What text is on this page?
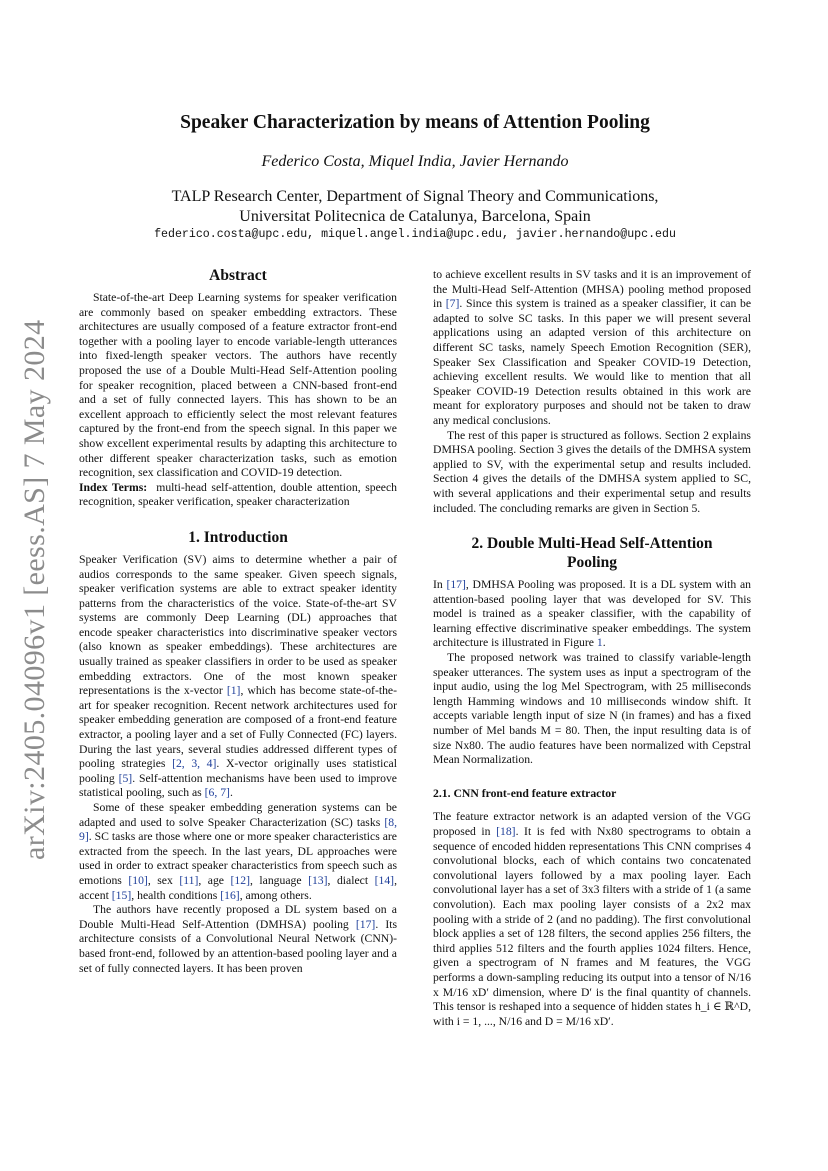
arXiv:2405.04096v1 [eess.AS] 7 May 2024
Speaker Characterization by means of Attention Pooling
Federico Costa, Miquel India, Javier Hernando
TALP Research Center, Department of Signal Theory and Communications,
Universitat Politecnica de Catalunya, Barcelona, Spain
federico.costa@upc.edu, miquel.angel.india@upc.edu, javier.hernando@upc.edu
Abstract

State-of-the-art Deep Learning systems for speaker verification are commonly based on speaker embedding extractors. These architectures are usually composed of a feature extractor front-end together with a pooling layer to encode variable-length utterances into fixed-length speaker vectors. The authors have recently proposed the use of a Double Multi-Head Self-Attention pooling for speaker recognition, placed between a CNN-based front-end and a set of fully connected layers. This has shown to be an excellent approach to efficiently select the most relevant features captured by the front-end from the speech signal. In this paper we show excellent experimental results by adapting this architecture to other different speaker characterization tasks, such as emotion recognition, sex classification and COVID-19 detection.

Index Terms: multi-head self-attention, double attention, speech recognition, speaker verification, speaker characterization

1. Introduction

Speaker Verification (SV) aims to determine whether a pair of audios corresponds to the same speaker. Given speech signals, speaker verification systems are able to extract speaker identity patterns from the characteristics of the voice. State-of-the-art SV systems are commonly Deep Learning (DL) approaches that encode speaker characteristics into discriminative speaker vectors (also known as speaker embeddings). These architectures are usually trained as speaker classifiers in order to be used as speaker embedding extractors. One of the most known speaker representations is the x-vector [1], which has become state-of-the-art for speaker recognition. Recent network architectures used for speaker embedding generation are composed of a front-end feature extractor, a pooling layer and a set of Fully Connected (FC) layers. During the last years, several studies addressed different types of pooling strategies [2, 3, 4]. X-vector originally uses statistical pooling [5]. Self-attention mechanisms have been used to improve statistical pooling, such as [6, 7].

Some of these speaker embedding generation systems can be adapted and used to solve Speaker Characterization (SC) tasks [8, 9]. SC tasks are those where one or more speaker characteristics are extracted from the speech. In the last years, DL approaches were used in order to extract speaker characteristics from speech such as emotions [10], sex [11], age [12], language [13], dialect [14], accent [15], health conditions [16], among others.

The authors have recently proposed a DL system based on a Double Multi-Head Self-Attention (DMHSA) pooling [17]. Its architecture consists of a Convolutional Neural Network (CNN)-based front-end, followed by an attention-based pooling layer and a set of fully connected layers. It has been proven

to achieve excellent results in SV tasks and it is an improvement of the Multi-Head Self-Attention (MHSA) pooling method proposed in [7]. Since this system is trained as a speaker classifier, it can be adapted to solve SC tasks. In this paper we will present several applications using an adapted version of this architecture on different SC tasks, namely Speech Emotion Recognition (SER), Speaker Sex Classification and Speaker COVID-19 Detection, achieving excellent results. We would like to mention that all Speaker COVID-19 Detection results obtained in this work are meant for exploratory purposes and should not be taken to draw any medical conclusions.

The rest of this paper is structured as follows. Section 2 explains DMHSA pooling. Section 3 gives the details of the DMHSA system applied to SV, with the experimental setup and results included. Section 4 gives the details of the DMHSA system applied to SC, with several applications and their experimental setup and results included. The concluding remarks are given in Section 5.

2. Double Multi-Head Self-Attention
Pooling

In [17], DMHSA Pooling was proposed. It is a DL system with an attention-based pooling layer that was developed for SV. This model is trained as a speaker classifier, with the capability of learning effective discriminative speaker embeddings. The system architecture is illustrated in Figure 1.

The proposed network was trained to classify variable-length speaker utterances. The system uses as input a spectrogram of the input audio, using the log Mel Spectrogram, with 25 milliseconds length Hamming windows and 10 milliseconds window shift. It accepts variable length input of size N (in frames) and has a fixed number of Mel bands M = 80. Then, the input resulting data is of size Nx80. The audio features have been normalized with Cepstral Mean Normalization.

2.1. CNN front-end feature extractor

The feature extractor network is an adapted version of the VGG proposed in [18]. It is fed with Nx80 spectrograms to obtain a sequence of encoded hidden representations This CNN comprises 4 convolutional blocks, each of which contains two concatenated convolutional layers followed by a max pooling layer. Each convolutional layer has a set of 3x3 filters with a stride of 1 (a same convolution). Each max pooling layer consists of a 2x2 max pooling with a stride of 2 (and no padding). The first convolutional block applies a set of 128 filters, the second applies 256 filters, the third applies 512 filters and the fourth applies 1024 filters. Hence, given a spectrogram of N frames and M features, the VGG performs a down-sampling reducing its output into a tensor of N/16 x M/16 xD′ dimension, where D′ is the final quantity of channels. This tensor is reshaped into a sequence of hidden states h_i ∈ ℝ^D, with i = 1, ..., N/16 and D = M/16 xD′.
